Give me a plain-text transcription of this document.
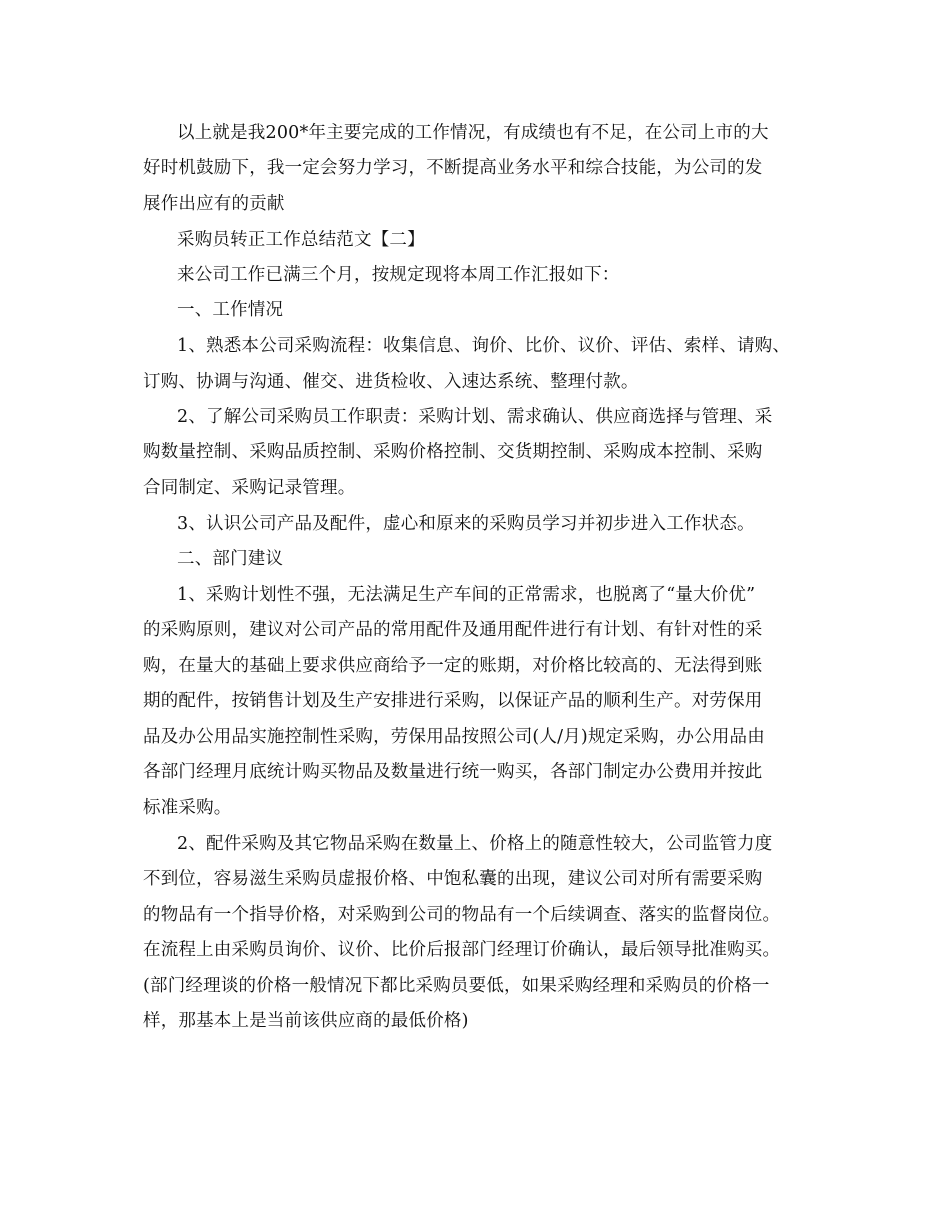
以上就是我200*年主要完成的工作情况，有成绩也有不足，在公司上市的大
好时机鼓励下，我一定会努力学习，不断提高业务水平和综合技能，为公司的发
展作出应有的贡献
采购员转正工作总结范文【二】
来公司工作已满三个月，按规定现将本周工作汇报如下：
一、工作情况
1、熟悉本公司采购流程：收集信息、询价、比价、议价、评估、索样、请购、
订购、协调与沟通、催交、进货检收、入速达系统、整理付款。
2、了解公司采购员工作职责：采购计划、需求确认、供应商选择与管理、采
购数量控制、采购品质控制、采购价格控制、交货期控制、采购成本控制、采购
合同制定、采购记录管理。
3、认识公司产品及配件，虚心和原来的采购员学习并初步进入工作状态。
二、部门建议
1、采购计划性不强，无法满足生产车间的正常需求，也脱离了“量大价优”
的采购原则，建议对公司产品的常用配件及通用配件进行有计划、有针对性的采
购，在量大的基础上要求供应商给予一定的账期，对价格比较高的、无法得到账
期的配件，按销售计划及生产安排进行采购，以保证产品的顺利生产。对劳保用
品及办公用品实施控制性采购，劳保用品按照公司(人/月)规定采购，办公用品由
各部门经理月底统计购买物品及数量进行统一购买，各部门制定办公费用并按此
标准采购。
2、配件采购及其它物品采购在数量上、价格上的随意性较大，公司监管力度
不到位，容易滋生采购员虚报价格、中饱私囊的出现，建议公司对所有需要采购
的物品有一个指导价格，对采购到公司的物品有一个后续调查、落实的监督岗位。
在流程上由采购员询价、议价、比价后报部门经理订价确认，最后领导批准购买。
(部门经理谈的价格一般情况下都比采购员要低，如果采购经理和采购员的价格一
样，那基本上是当前该供应商的最低价格)
